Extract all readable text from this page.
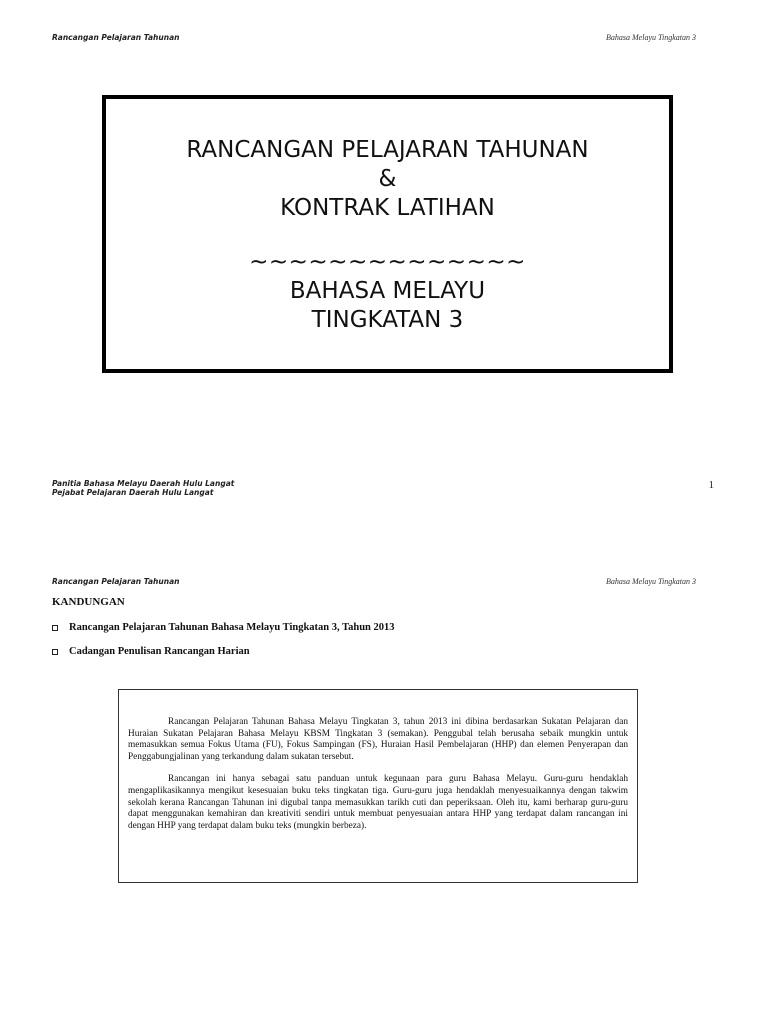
Rancangan Pelajaran Tahunan	Bahasa Melayu Tingkatan 3
RANCANGAN PELAJARAN TAHUNAN
&
KONTRAK LATIHAN
~~~~~~~~~~~~~~
BAHASA MELAYU
TINGKATAN 3
Panitia Bahasa Melayu Daerah Hulu Langat
Pejabat Pelajaran Daerah Hulu Langat
1
Rancangan Pelajaran Tahunan	Bahasa Melayu Tingkatan 3
KANDUNGAN
Rancangan Pelajaran Tahunan Bahasa Melayu Tingkatan 3, Tahun 2013
Cadangan Penulisan Rancangan Harian

Rancangan Pelajaran Tahunan Bahasa Melayu Tingkatan 3, tahun 2013 ini dibina berdasarkan Sukatan Pelajaran dan Huraian Sukatan Pelajaran Bahasa Melayu KBSM Tingkatan 3 (semakan). Penggubal telah berusaha sebaik mungkin untuk memasukkan semua Fokus Utama (FU), Fokus Sampingan (FS), Huraian Hasil Pembelajaran (HHP) dan elemen Penyerapan dan Penggabungjalinan yang terkandung dalam sukatan tersebut.

Rancangan ini hanya sebagai satu panduan untuk kegunaan para guru Bahasa Melayu. Guru-guru hendaklah mengaplikasikannya mengikut kesesuaian buku teks tingkatan tiga. Guru-guru juga hendaklah menyesuaikannya dengan takwim sekolah kerana Rancangan Tahunan ini digubal tanpa memasukkan tarikh cuti dan peperiksaan. Oleh itu, kami berharap guru-guru dapat menggunakan kemahiran dan kreativiti sendiri untuk membuat penyesuaian antara HHP yang terdapat dalam rancangan ini dengan HHP yang terdapat dalam buku teks (mungkin berbeza).
